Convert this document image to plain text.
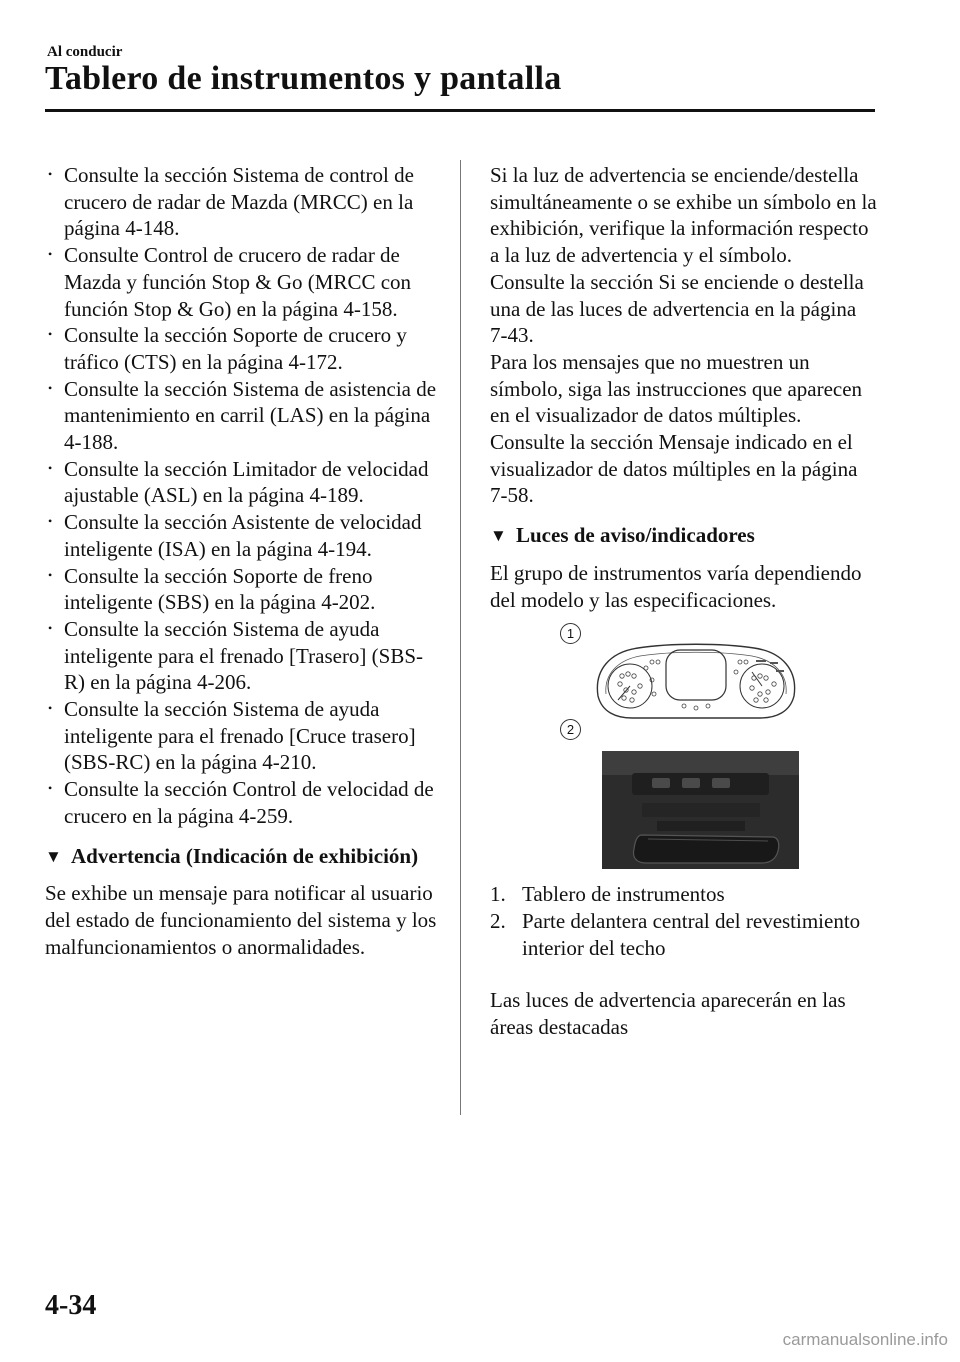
Al conducir
Tablero de instrumentos y pantalla
• Consulte la sección Sistema de control de crucero de radar de Mazda (MRCC) en la página 4-148.
• Consulte Control de crucero de radar de Mazda y función Stop & Go (MRCC con función Stop & Go) en la página 4-158.
• Consulte la sección Soporte de crucero y tráfico (CTS) en la página 4-172.
• Consulte la sección Sistema de asistencia de mantenimiento en carril (LAS) en la página 4-188.
• Consulte la sección Limitador de velocidad ajustable (ASL) en la página 4-189.
• Consulte la sección Asistente de velocidad inteligente (ISA) en la página 4-194.
• Consulte la sección Soporte de freno inteligente (SBS) en la página 4-202.
• Consulte la sección Sistema de ayuda inteligente para el frenado [Trasero] (SBS-R) en la página 4-206.
• Consulte la sección Sistema de ayuda inteligente para el frenado [Cruce trasero] (SBS-RC) en la página 4-210.
• Consulte la sección Control de velocidad de crucero en la página 4-259.
▼ Advertencia (Indicación de exhibición)

Se exhibe un mensaje para notificar al usuario del estado de funcionamiento del sistema y los malfuncionamientos o anormalidades.

Si la luz de advertencia se enciende/destella simultáneamente o se exhibe un símbolo en la exhibición, verifique la información respecto a la luz de advertencia y el símbolo.

Consulte la sección Si se enciende o destella una de las luces de advertencia en la página 7-43.

Para los mensajes que no muestren un símbolo, siga las instrucciones que aparecen en el visualizador de datos múltiples.

Consulte la sección Mensaje indicado en el visualizador de datos múltiples en la página 7-58.

▼ Luces de aviso/indicadores

El grupo de instrumentos varía dependiendo del modelo y las especificaciones.

1
2
1. Tablero de instrumentos
2. Parte delantera central del revestimiento interior del techo

Las luces de advertencia aparecerán en las áreas destacadas

4-34
carmanualsonline.info
